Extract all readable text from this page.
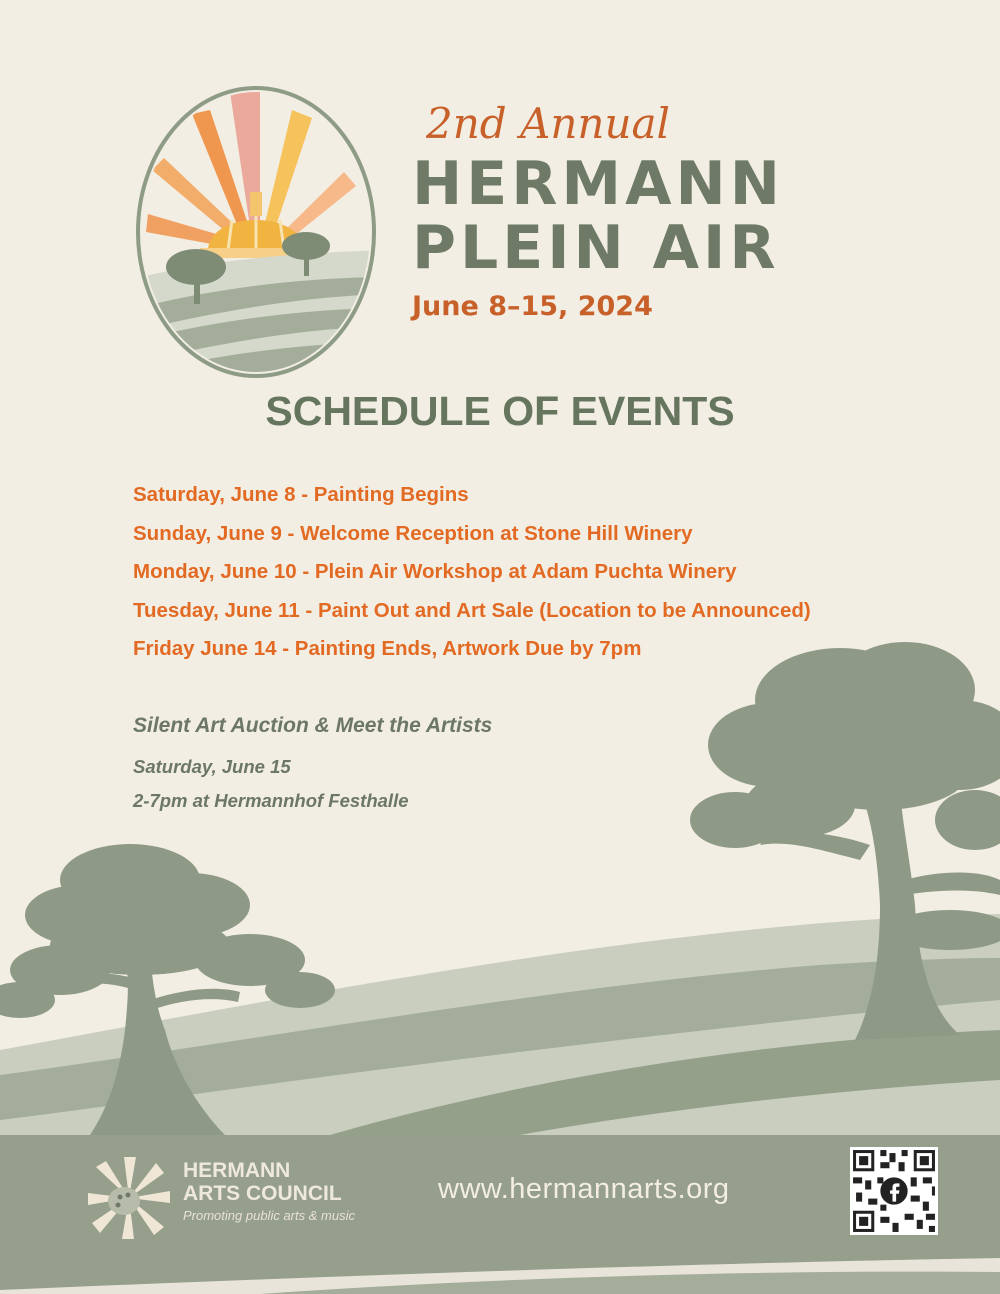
2nd Annual

HERMANN

PLEIN AIR

June 8–15, 2024

SCHEDULE OF EVENTS
Saturday, June 8 - Painting Begins
Sunday, June 9 - Welcome Reception at Stone Hill Winery
Monday, June 10 - Plein Air Workshop at Adam Puchta Winery
Tuesday, June 11 - Paint Out and Art Sale (Location to be Announced)
Friday June 14 - Painting Ends, Artwork Due by 7pm

Silent Art Auction & Meet the Artists

Saturday, June 15

2-7pm at Hermannhof Festhalle

HERMANN
ARTS COUNCIL

Promoting public arts & music

www.hermannarts.org
